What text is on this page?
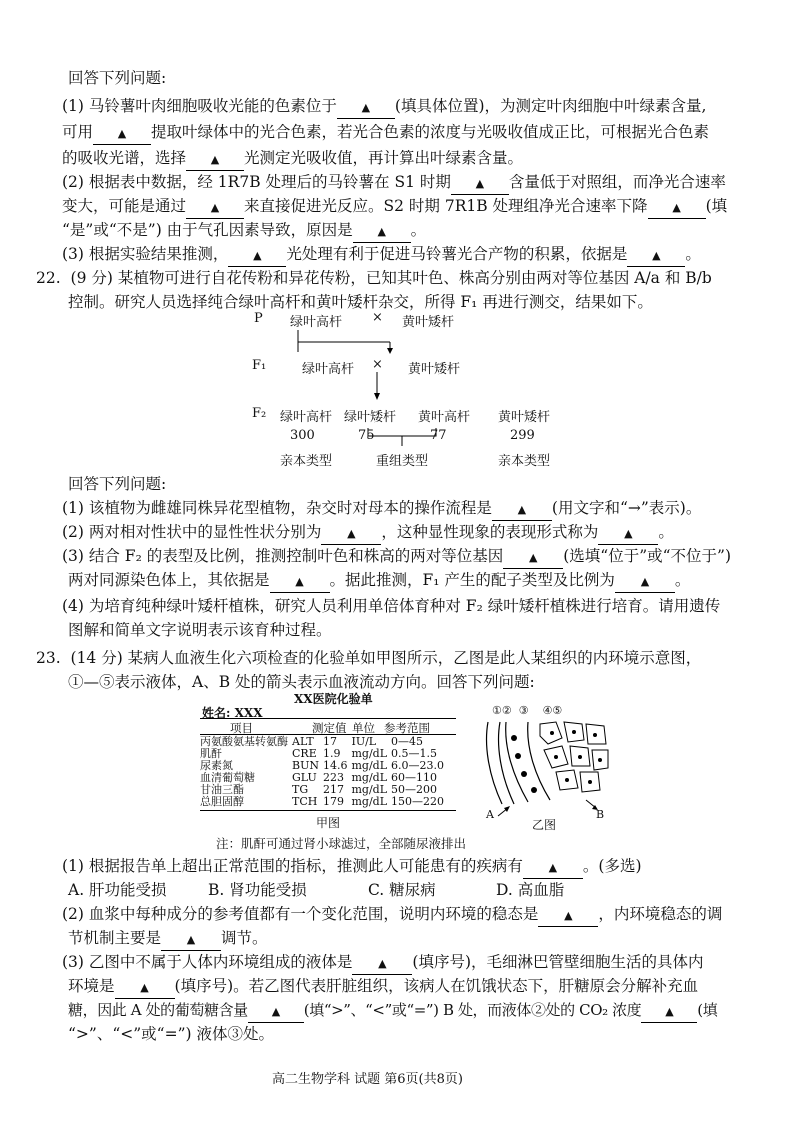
回答下列问题:
(1) 马铃薯叶肉细胞吸收光能的色素位于 ▲ (填具体位置)，为测定叶肉细胞中叶绿素含量,
可用 ▲ 提取叶绿体中的光合色素，若光合色素的浓度与光吸收值成正比，可根据光合色素
的吸收光谱，选择 ▲ 光测定光吸收值，再计算出叶绿素含量。
(2) 根据表中数据，经 1R7B 处理后的马铃薯在 S1 时期 ▲ 含量低于对照组，而净光合速率
变大，可能是通过 ▲ 来直接促进光反应。S2 时期 7R1B 处理组净光合速率下降 ▲ (填
“是”或“不是”) 由于气孔因素导致，原因是 ▲ 。
(3) 根据实验结果推测， ▲ 光处理有利于促进马铃薯光合产物的积累，依据是 ▲ 。
22. (9 分) 某植物可进行自花传粉和异花传粉，已知其叶色、株高分别由两对等位基因 A/a 和 B/b
控制。研究人员选择纯合绿叶高杆和黄叶矮杆杂交，所得 F₁ 再进行测交，结果如下。
P 绿叶高杆 × 黄叶矮杆
F₁	绿叶高杆 × 黄叶矮杆
F₂ 绿叶高杆 绿叶矮杆 黄叶高杆 黄叶矮杆
300	75	77	299
亲本类型	重组类型	亲本类型
回答下列问题:
(1) 该植物为雌雄同株异花型植物，杂交时对母本的操作流程是 ▲ (用文字和“→”表示)。
(2) 两对相对性状中的显性性状分别为 ▲ ，这种显性现象的表现形式称为 ▲ 。
(3) 结合 F₂ 的表型及比例，推测控制叶色和株高的两对等位基因 ▲ (选填“位于”或“不位于”)
两对同源染色体上，其依据是 ▲ 。据此推测，F₁ 产生的配子类型及比例为 ▲ 。
(4) 为培育纯种绿叶矮杆植株，研究人员利用单倍体育种对 F₂ 绿叶矮杆植株进行培育。请用遗传
图解和简单文字说明表示该育种过程。
23. (14 分) 某病人血液生化六项检查的化验单如甲图所示，乙图是此人某组织的内环境示意图，
①—⑤表示液体，A、B 处的箭头表示血液流动方向。回答下列问题:
XX医院化验单
姓名: XXX
项目	测定值 单位 参考范围
丙氨酸氨基转氨酶	ALT	17	IU/L	0—45
肌酐	CRE	1.9	mg/dL	0.5—1.5
尿素氮	BUN	14.6	mg/dL	6.0—23.0
血清葡萄糖	GLU	223	mg/dL	60—110
甘油三酯	TG	217	mg/dL	50—200
总胆固醇	TCH	179	mg/dL	150—220
甲图
①②  ③    ④⑤
A	B
乙图
注：肌酐可通过肾小球滤过，全部随尿液排出
(1) 根据报告单上超出正常范围的指标，推测此人可能患有的疾病有 ▲ 。(多选)
A. 肝功能受损	B. 肾功能受损	C. 糖尿病	D. 高血脂
(2) 血浆中每种成分的参考值都有一个变化范围，说明内环境的稳态是 ▲ ，内环境稳态的调
节机制主要是 ▲ 调节。
(3) 乙图中不属于人体内环境组成的液体是 ▲ (填序号)，毛细淋巴管壁细胞生活的具体内
环境是 ▲ (填序号)。若乙图代表肝脏组织，该病人在饥饿状态下，肝糖原会分解补充血
糖，因此 A 处的葡萄糖含量 ▲ (填“>”、“<”或“=”) B 处，而液体②处的 CO₂ 浓度 ▲ (填
“>”、“<”或“=”) 液体③处。
高二生物学科 试题 第6页(共8页)
